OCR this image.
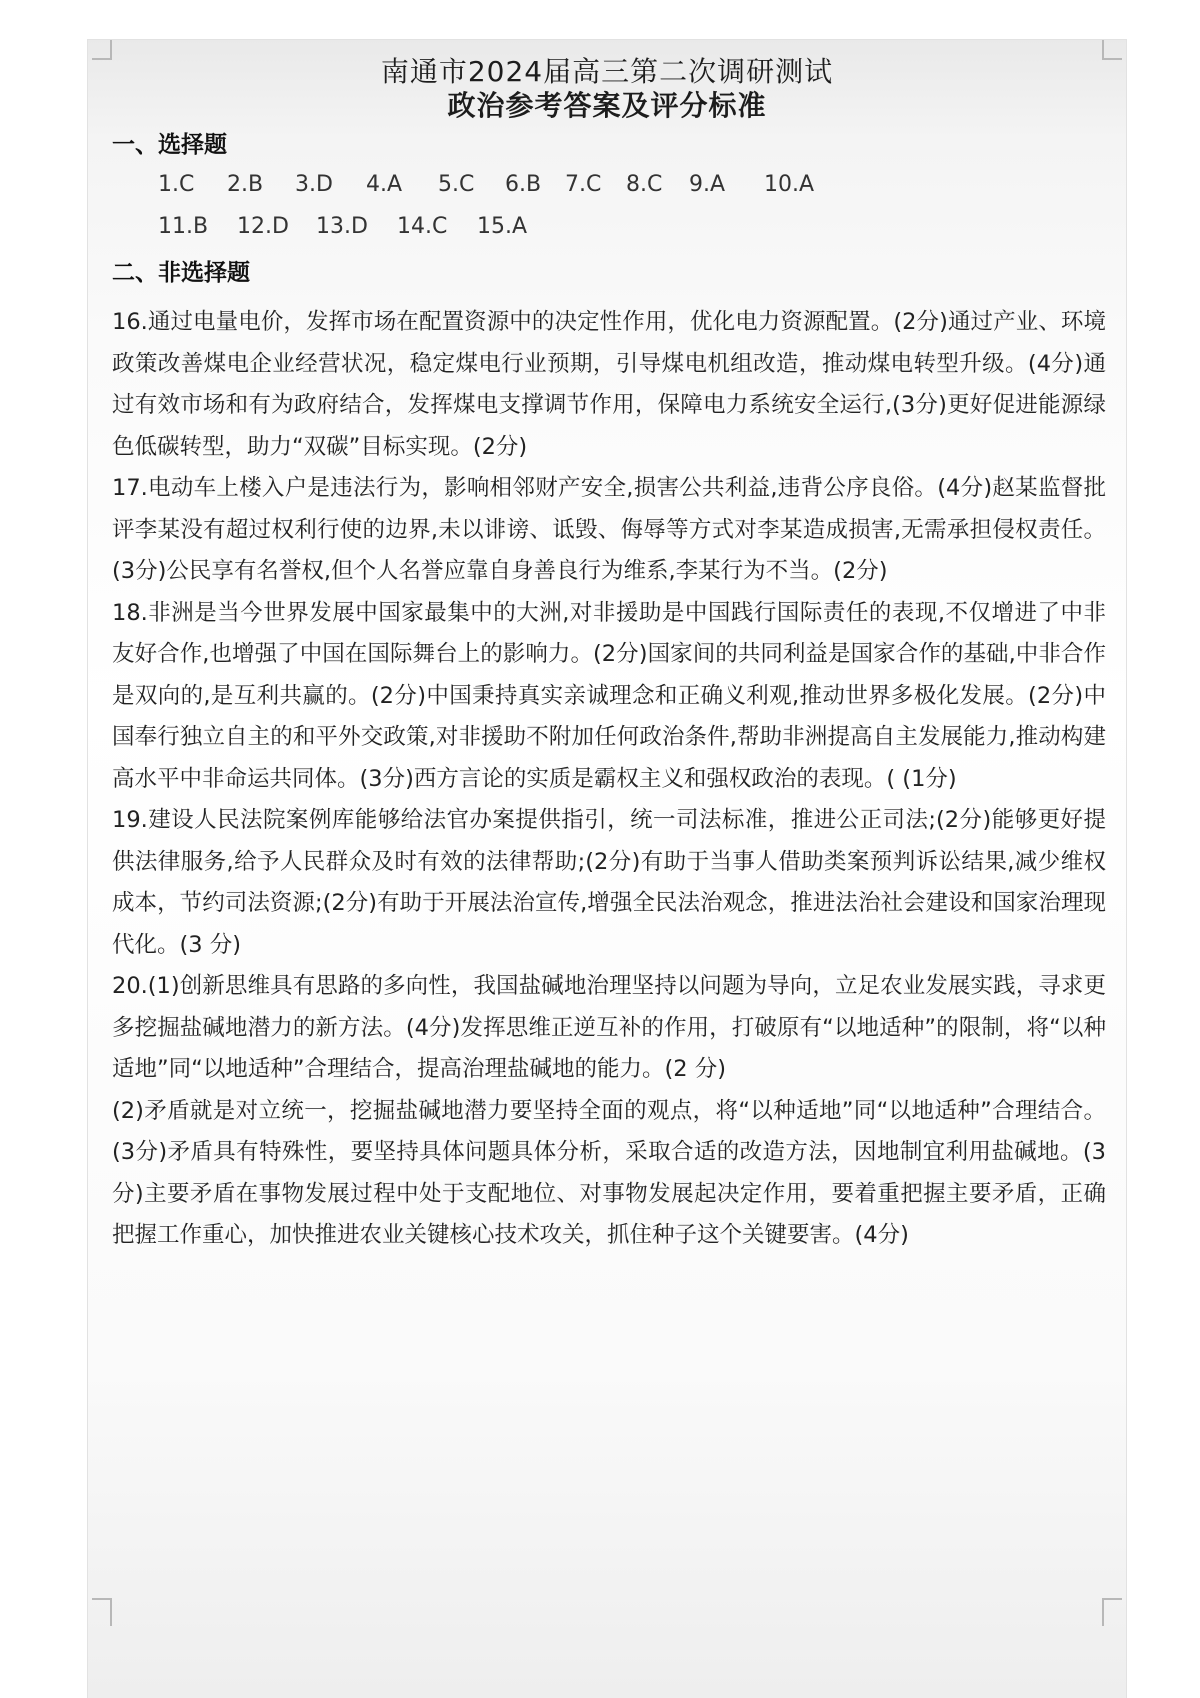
南通市2024届高三第二次调研测试
政治参考答案及评分标准
一、选择题
1.C 2.B 3.D 4.A 5.C 6.B 7.C 8.C 9.A 10.A
11.B 12.D 13.D 14.C 15.A
二、非选择题

16.通过电量电价，发挥市场在配置资源中的决定性作用，优化电力资源配置。(2分)通过产业、环境政策改善煤电企业经营状况，稳定煤电行业预期，引导煤电机组改造，推动煤电转型升级。(4分)通过有效市场和有为政府结合，发挥煤电支撑调节作用，保障电力系统安全运行,(3分)更好促进能源绿色低碳转型，助力“双碳”目标实现。(2分)

17.电动车上楼入户是违法行为，影响相邻财产安全,损害公共利益,违背公序良俗。(4分)赵某监督批评李某没有超过权利行使的边界,未以诽谤、诋毁、侮辱等方式对李某造成损害,无需承担侵权责任。(3分)公民享有名誉权,但个人名誉应靠自身善良行为维系,李某行为不当。(2分)

18.非洲是当今世界发展中国家最集中的大洲,对非援助是中国践行国际责任的表现,不仅增进了中非友好合作,也增强了中国在国际舞台上的影响力。(2分)国家间的共同利益是国家合作的基础,中非合作是双向的,是互利共赢的。(2分)中国秉持真实亲诚理念和正确义利观,推动世界多极化发展。(2分)中国奉行独立自主的和平外交政策,对非援助不附加任何政治条件,帮助非洲提高自主发展能力,推动构建高水平中非命运共同体。(3分)西方言论的实质是霸权主义和强权政治的表现。( (1分)

19.建设人民法院案例库能够给法官办案提供指引，统一司法标准，推进公正司法;(2分)能够更好提供法律服务,给予人民群众及时有效的法律帮助;(2分)有助于当事人借助类案预判诉讼结果,减少维权成本，节约司法资源;(2分)有助于开展法治宣传,增强全民法治观念，推进法治社会建设和国家治理现代化。(3 分)

20.(1)创新思维具有思路的多向性，我国盐碱地治理坚持以问题为导向，立足农业发展实践，寻求更多挖掘盐碱地潜力的新方法。(4分)发挥思维正逆互补的作用，打破原有“以地适种”的限制，将“以种适地”同“以地适种”合理结合，提高治理盐碱地的能力。(2 分)

(2)矛盾就是对立统一，挖掘盐碱地潜力要坚持全面的观点，将“以种适地”同“以地适种”合理结合。(3分)矛盾具有特殊性，要坚持具体问题具体分析，采取合适的改造方法，因地制宜利用盐碱地。(3　分)主要矛盾在事物发展过程中处于支配地位、对事物发展起决定作用，要着重把握主要矛盾，正确把握工作重心，加快推进农业关键核心技术攻关，抓住种子这个关键要害。(4分)
